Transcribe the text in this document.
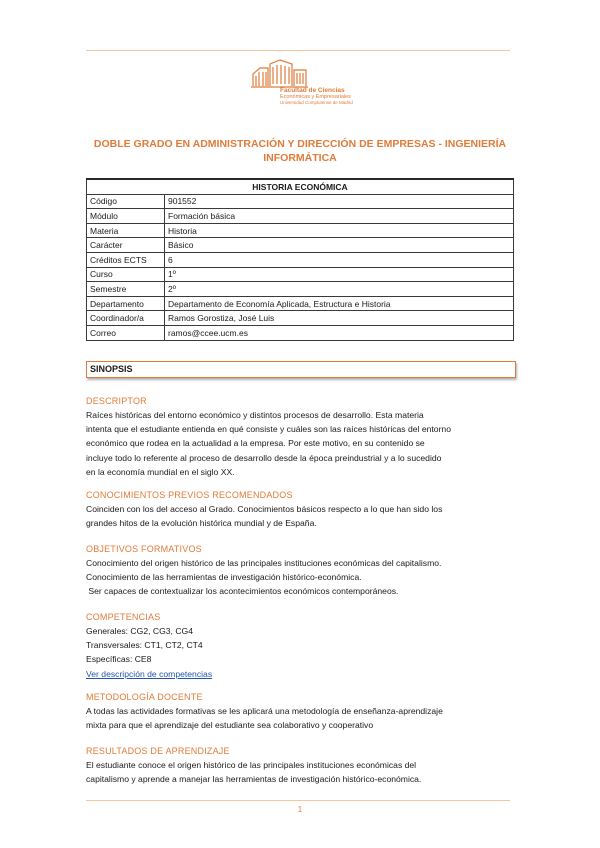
Facultad de Ciencias
Económicas y Empresariales
Universidad Complutense de Madrid
DOBLE GRADO EN ADMINISTRACIÓN Y DIRECCIÓN DE EMPRESAS - INGENIERÍA INFORMÁTICA
HISTORIA ECONÓMICA	
Código	901552
Módulo	Formación básica
Materia	Historia
Carácter	Básico
Créditos ECTS	6
Curso	1º
Semestre	2º
Departamento	Departamento de Economía Aplicada, Estructura e Historia
Coordinador/a	Ramos Gorostiza, José Luis
Correo	ramos@ccee.ucm.es
SINOPSIS
DESCRIPTOR
Raíces históricas del entorno económico y distintos procesos de desarrollo. Esta materia
intenta que el estudiante entienda en qué consiste y cuáles son las raíces históricas del entorno
económico que rodea en la actualidad a la empresa. Por este motivo, en su contenido se
incluye todo lo referente al proceso de desarrollo desde la época preindustrial y a lo sucedido
en la economía mundial en el siglo XX.
CONOCIMIENTOS PREVIOS RECOMENDADOS
Coinciden con los del acceso al Grado. Conocimientos básicos respecto a lo que han sido los
grandes hitos de la evolución histórica mundial y de España.
OBJETIVOS FORMATIVOS
Conocimiento del origen histórico de las principales instituciones económicas del capitalismo.
Conocimiento de las herramientas de investigación histórico-económica.
Ser capaces de contextualizar los acontecimientos económicos contemporáneos.
COMPETENCIAS
Generales: CG2, CG3, CG4
Transversales: CT1, CT2, CT4
Específicas: CE8
Ver descripción de competencias
METODOLOGÍA DOCENTE
A todas las actividades formativas se les aplicará una metodología de enseñanza-aprendizaje
mixta para que el aprendizaje del estudiante sea colaborativo y cooperativo
RESULTADOS DE APRENDIZAJE
El estudiante conoce el origen histórico de las principales instituciones económicas del
capitalismo y aprende a manejar las herramientas de investigación histórico-económica.
1
